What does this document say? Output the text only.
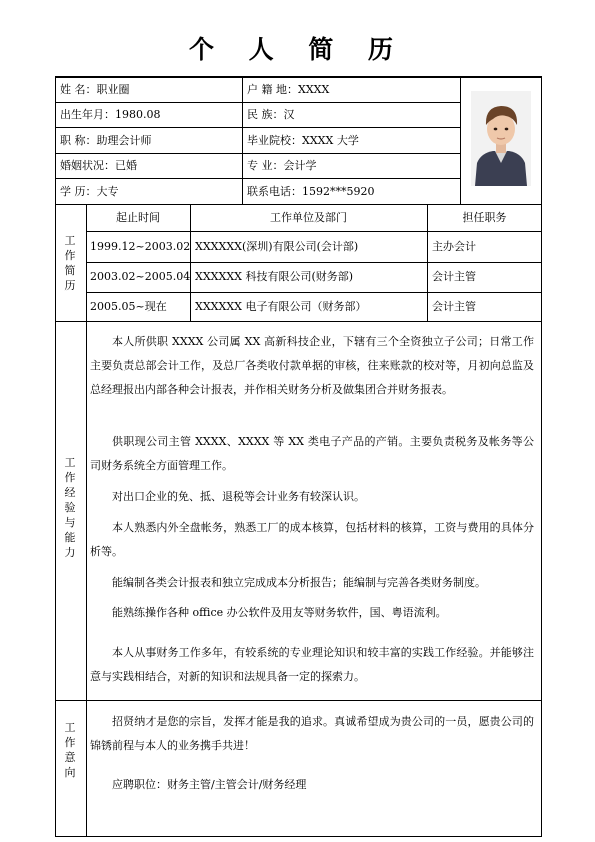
个 人 简 历
姓 名：职业圈	户 籍 地：XXXX
出生年月：1980.08	民 族：汉
职 称：助理会计师	毕业院校：XXXX 大学
婚姻状况：已婚	专 业：会计学
学 历：大专	联系电话：1592***5920
工作简历
起止时间	工作单位及部门	担任职务
1999.12~2003.02 XXXXXX(深圳)有限公司(会计部)	主办会计
2003.02~2005.04 XXXXXX 科技有限公司(财务部)	会计主管
2005.05~现在	XXXXXX 电子有限公司（财务部）	会计主管
工作经验与能力
本人所供职 XXXX 公司属 XX 高新科技企业，下辖有三个全资独立子公司；日常工作主要负责总部会计工作，及总厂各类收付款单据的审核，往来账款的校对等，月初向总监及总经理报出内部各种会计报表，并作相关财务分析及做集团合并财务报表。
供职现公司主管 XXXX、XXXX 等 XX 类电子产品的产销。主要负责税务及帐务等公司财务系统全方面管理工作。
对出口企业的免、抵、退税等会计业务有较深认识。
本人熟悉内外全盘帐务，熟悉工厂的成本核算，包括材料的核算，工资与费用的具体分析等。
能编制各类会计报表和独立完成成本分析报告；能编制与完善各类财务制度。
能熟练操作各种 office 办公软件及用友等财务软件，国、粤语流利。
本人从事财务工作多年，有较系统的专业理论知识和较丰富的实践工作经验。并能够注意与实践相结合，对新的知识和法规具备一定的探索力。
工作意向
招贤纳才是您的宗旨，发挥才能是我的追求。真诚希望成为贵公司的一员，愿贵公司的锦锈前程与本人的业务携手共进！
应聘职位：财务主管/主管会计/财务经理
